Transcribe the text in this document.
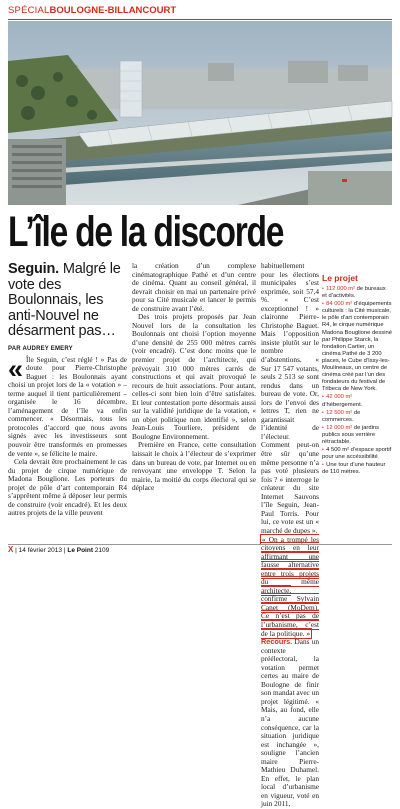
SPÉCIALBOULOGNE-BILLANCOURT
L’île de la discorde

Seguin. Malgré le vote des Boulonnais, les anti-Nouvel ne désarment pas…

PAR AUDREY EMERY

« Île Seguin, c’est réglé ! » Pas de doute pour Pierre-Christophe Baguet : les Boulonnais ayant choisi un projet lors de la « votation » – terme auquel il tient particulièrement – organisée le 16 décembre, l’aménagement de l’île va enfin commencer. « Désormais, tous les protocoles d’accord que nous avons signés avec les investisseurs sont pouvoir être transformés en promesses de vente », se félicite le maire.

Cela devrait être prochainement le cas du projet de cirque numérique de Madona Bouglione. Les porteurs du projet de pôle d’art contemporain R4 s’apprêtent même à déposer leur permis de construire (voir encadré). Et les deux autres projets de la ville peuvent

la création d’un complexe cinématographique Pathé et d’un centre de cinéma. Quant au conseil général, il devrait choisir en mai un partenaire privé pour sa Cité musicale et lancer le permis de construire avant l’été.

Des trois projets proposés par Jean Nouvel lors de la consultation les Boulonnais ont choisi l’option moyenne d’une densité de 255 000 mètres carrés (voir encadré). C’est donc moins que le premier projet de l’architecte, qui prévoyait 310 000 mètres carrés de constructions et qui avait provoqué le recours de huit associations. Pour autant, celles-ci sont bien loin d’être satisfaites. Et leur contestation porte désormais aussi sur la validité juridique de la votation, « un objet politique non identifié », selon Jean-Louis Tourliere, président de Boulogne Environnement.

Première en France, cette consultation laissait le choix à l’électeur de s’exprimer dans un bureau de vote, par Internet ou en renvoyant une enveloppe T. Selon la mairie, la moitié du corps électoral qui se déplace

habituellement pour les élections municipales s’est exprimée, soit 57,4 %. « C’est exceptionnel ! » claironne Pierre-Christophe Baguet. Mais l’opposition insiste plutôt sur le nombre d’abstentions. « Sur 17 547 votants, seuls 2 513 se sont rendus dans un bureau de vote. Or, lors de l’envoi des lettres T, rien ne garantissait l’identité de l’électeur. Comment peut-on être sûr qu’une même personne n’a pas voté plusieurs fois ? » interroge le créateur du site Internet Sauvons l’île Seguin, Jean-Paul Torris. Pour lui, ce vote est un « marché de dupes ».

« On a trompé les citoyens en leur affirmant une fausse alternative entre trois projets du même architecte, confirme Sylvain Canet (MoDem). Ce n’est pas de l’urbanisme, c’est de la politique. »

Recours. Dans un contexte préélectoral, la votation permet certes au maire de Boulogne de finir son mandat avec un projet légitimé. « Mais, au fond, elle n’a aucune conséquence, car la situation juridique est inchangée », souligne l’ancien maire Pierre-Mathieu Duhamel. En effet, le plan local d’urbanisme en vigueur, voté en juin 2011,

Le projet
• 112 000 m² de bureaux et d’activités.
• 84 000 m² d’équipements culturels : la Cité musicale, le pôle d’art contemporain R4, le cirque numérique Madona Bouglione dessiné par Philippe Starck, la fondation Cartier, un cinéma Pathé de 3 200 places, le Cube d’Issy-les-Moulineaux, un centre de cinéma créé par l’un des fondateurs du festival de Tribeca de New York.
• 42 000 m² d’hébergement.
• 12 500 m² de commerces.
• 12 000 m² de jardins publics sous verrière rétractable.
• 4 500 m² d’espace sportif pour une accéssibilité
• Une tour d’une hauteur de 110 mètres.
X | 14 février 2013 | Le Point 2109
